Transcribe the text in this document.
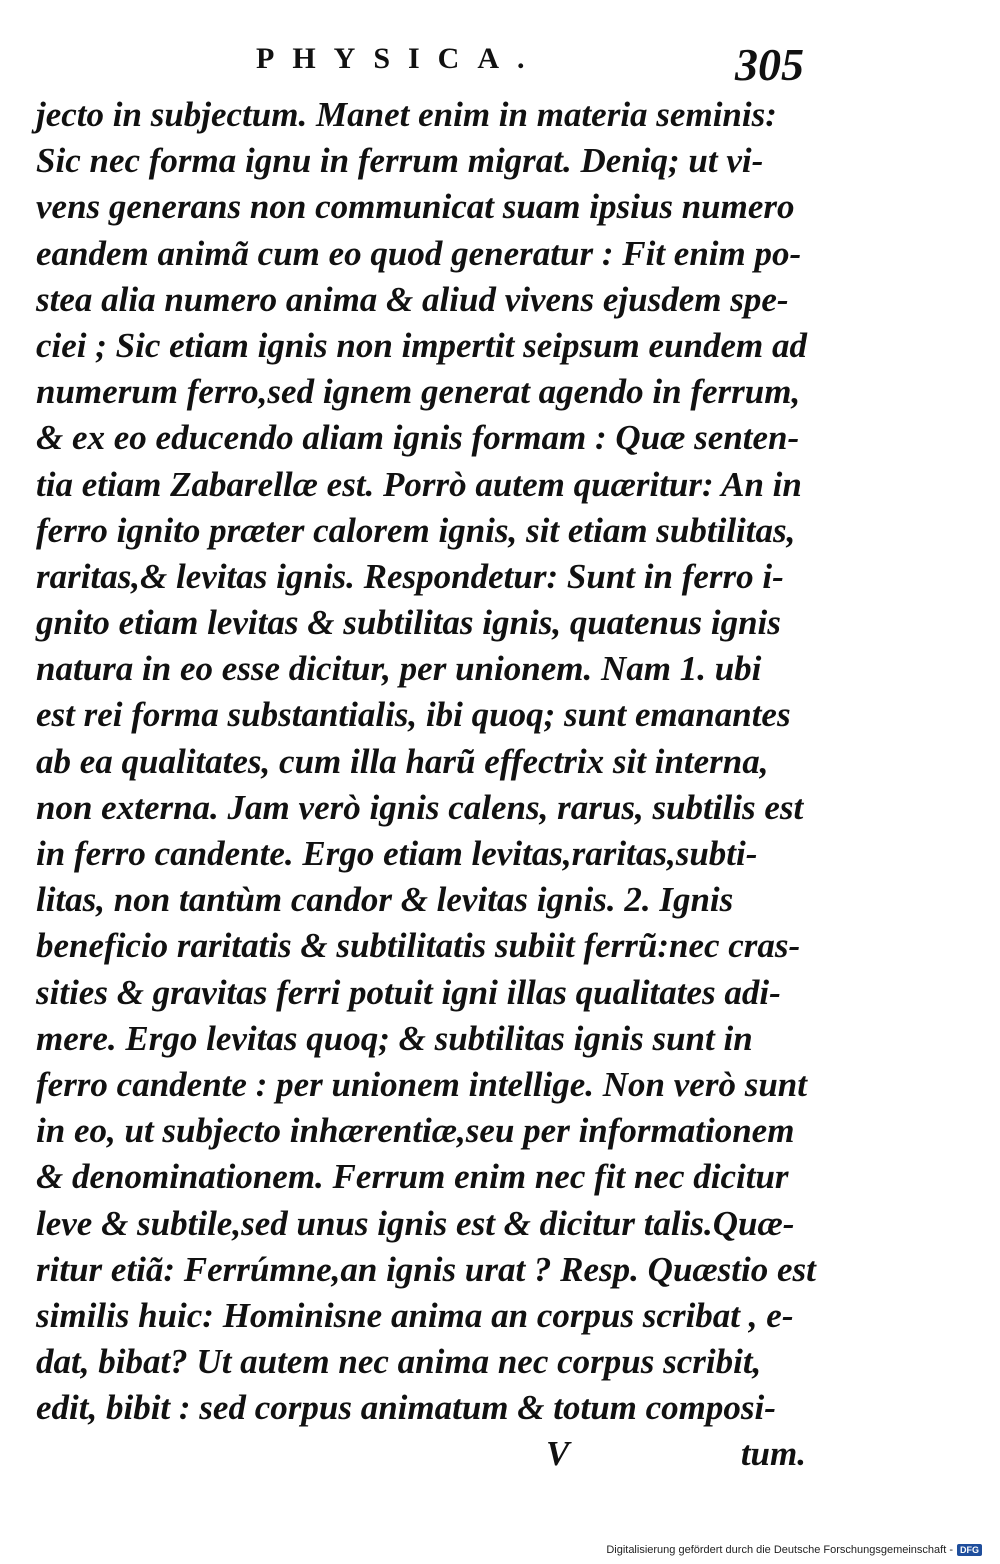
PHYSICA.	305
jecto in subjectum. Manet enim in materia seminis:
Sic nec forma ignu in ferrum migrat. Deniq; ut vi-
vens generans non communicat suam ipsius numero
eandem animã cum eo quod generatur : Fit enim po-
stea alia numero anima & aliud vivens ejusdem spe-
ciei ; Sic etiam ignis non impertit seipsum eundem ad
numerum ferro,sed ignem generat agendo in ferrum,
& ex eo educendo aliam ignis formam : Quæ senten-
tia etiam Zabarellæ est. Porrò autem quæritur: An in
ferro ignito præter calorem ignis, sit etiam subtilitas,
raritas,& levitas ignis. Respondetur: Sunt in ferro i-
gnito etiam levitas & subtilitas ignis, quatenus ignis
natura in eo esse dicitur, per unionem. Nam 1. ubi
est rei forma substantialis, ibi quoq; sunt emanantes
ab ea qualitates, cum illa harũ effectrix sit interna,
non externa. Jam verò ignis calens, rarus, subtilis est
in ferro candente. Ergo etiam levitas,raritas,subti-
litas, non tantùm candor & levitas ignis. 2. Ignis
beneficio raritatis & subtilitatis subiit ferrũ:nec cras-
sities & gravitas ferri potuit igni illas qualitates adi-
mere. Ergo levitas quoq; & subtilitas ignis sunt in
ferro candente : per unionem intellige. Non verò sunt
in eo, ut subjecto inhærentiæ,seu per informationem
& denominationem. Ferrum enim nec fit nec dicitur
leve & subtile,sed unus ignis est & dicitur talis.Quæ-
ritur etiã: Ferrúmne,an ignis urat ? Resp. Quæstio est
similis huic: Hominisne anima an corpus scribat , e-
dat, bibat? Ut autem nec anima nec corpus scribit,
edit, bibit : sed corpus animatum & totum composi-
V	tum.
Digitalisierung gefördert durch die Deutsche Forschungsgemeinschaft - DFG
